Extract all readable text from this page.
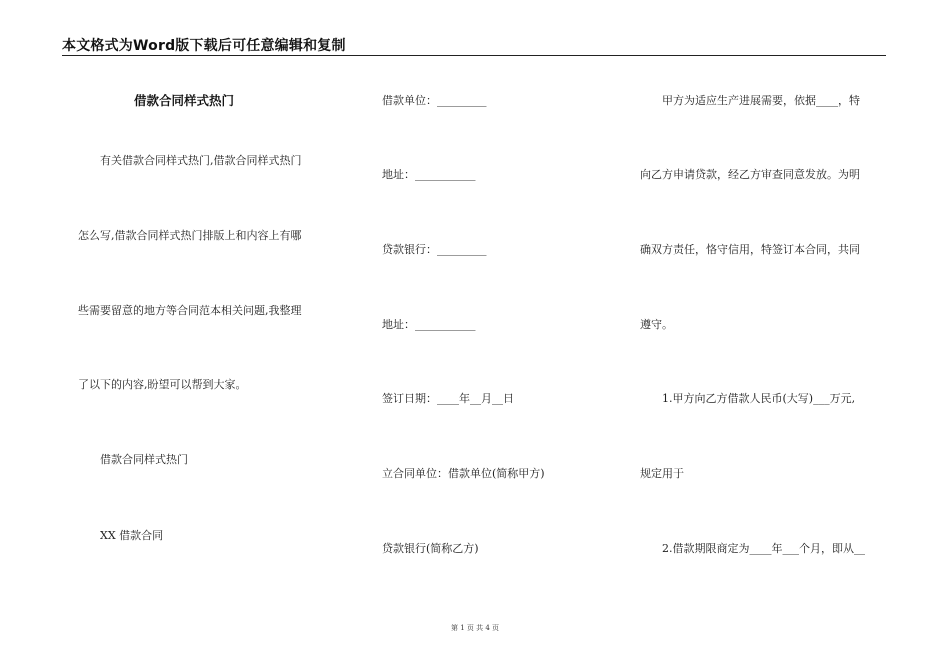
本文格式为Word版下载后可任意编辑和复制
借款合同样式热门
有关借款合同样式热门,借款合同样式热门
怎么写,借款合同样式热门排版上和内容上有哪
些需要留意的地方等合同范本相关问题,我整理
了以下的内容,盼望可以帮到大家。
借款合同样式热门
XX 借款合同
借款单位：_________
地址：___________
贷款银行：_________
地址：___________
签订日期：____年__月__日
立合同单位：借款单位(简称甲方)
贷款银行(简称乙方)
甲方为适应生产进展需要，依据____，特
向乙方申请贷款，经乙方审查同意发放。为明
确双方责任，恪守信用，特签订本合同，共同
遵守。
1.甲方向乙方借款人民币(大写)___万元,
规定用于
2.借款期限商定为____年___个月，即从__
第 1 页 共 4 页
